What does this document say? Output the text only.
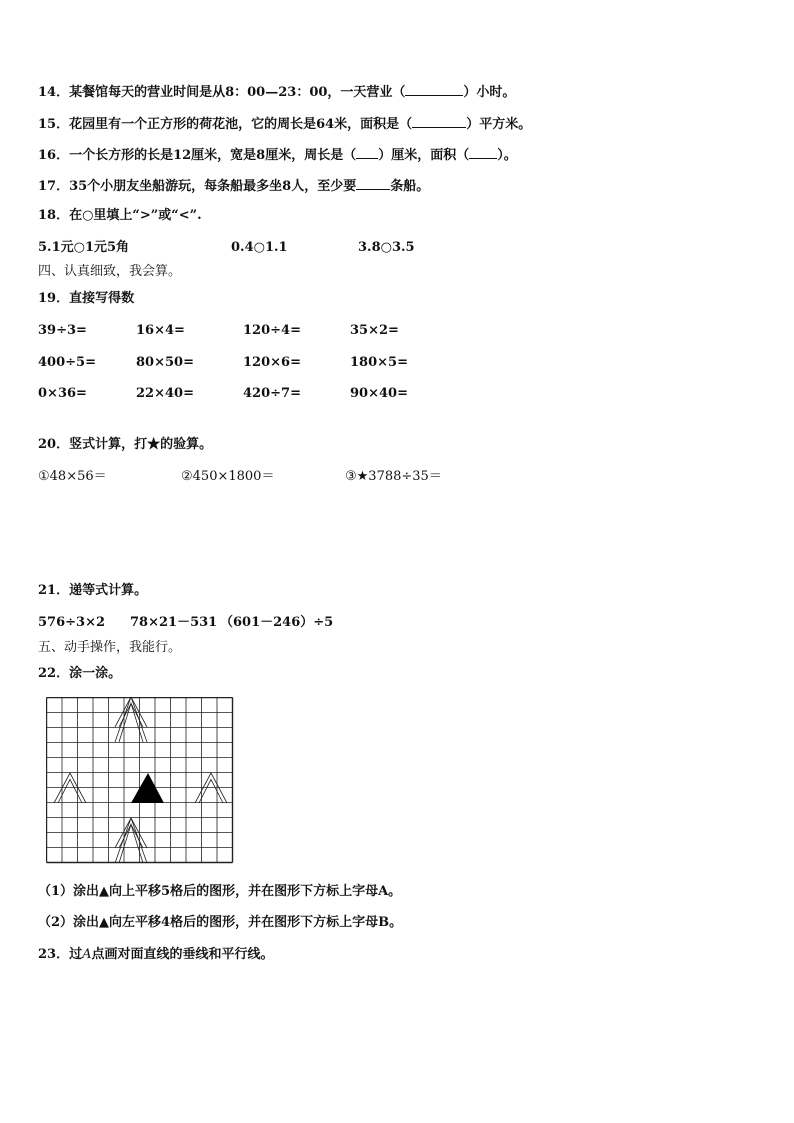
14．某餐馆每天的营业时间是从8：00—23：00，一天营业（	）小时。
15．花园里有一个正方形的荷花池，它的周长是64米，面积是（	）平方米。
16．一个长方形的长是12厘米，宽是8厘米，周长是（ ）厘米，面积（ ）。
17．35个小朋友坐船游玩，每条船最多坐8人，至少要	条船。
18．在○里填上“>”或“<”.
5.1元○1元5角	0.4○1.1	3.8○3.5
四、认真细致，我会算。
19．直接写得数
39÷3=	16×4=	120÷4=	35×2=
400÷5=	80×50=	120×6=	180×5=
0×36=	22×40=	420÷7=	90×40=
20．竖式计算，打★的验算。
①48×56＝	②450×1800＝	③★3788÷35＝
21．递等式计算。
576÷3×2 78×21－531 （601－246）÷5
五、动手操作，我能行。
22．涂一涂。
（1）涂出▲向上平移5格后的图形，并在图形下方标上字母A。
（2）涂出▲向左平移4格后的图形，并在图形下方标上字母B。
23．过A点画对面直线的垂线和平行线。
